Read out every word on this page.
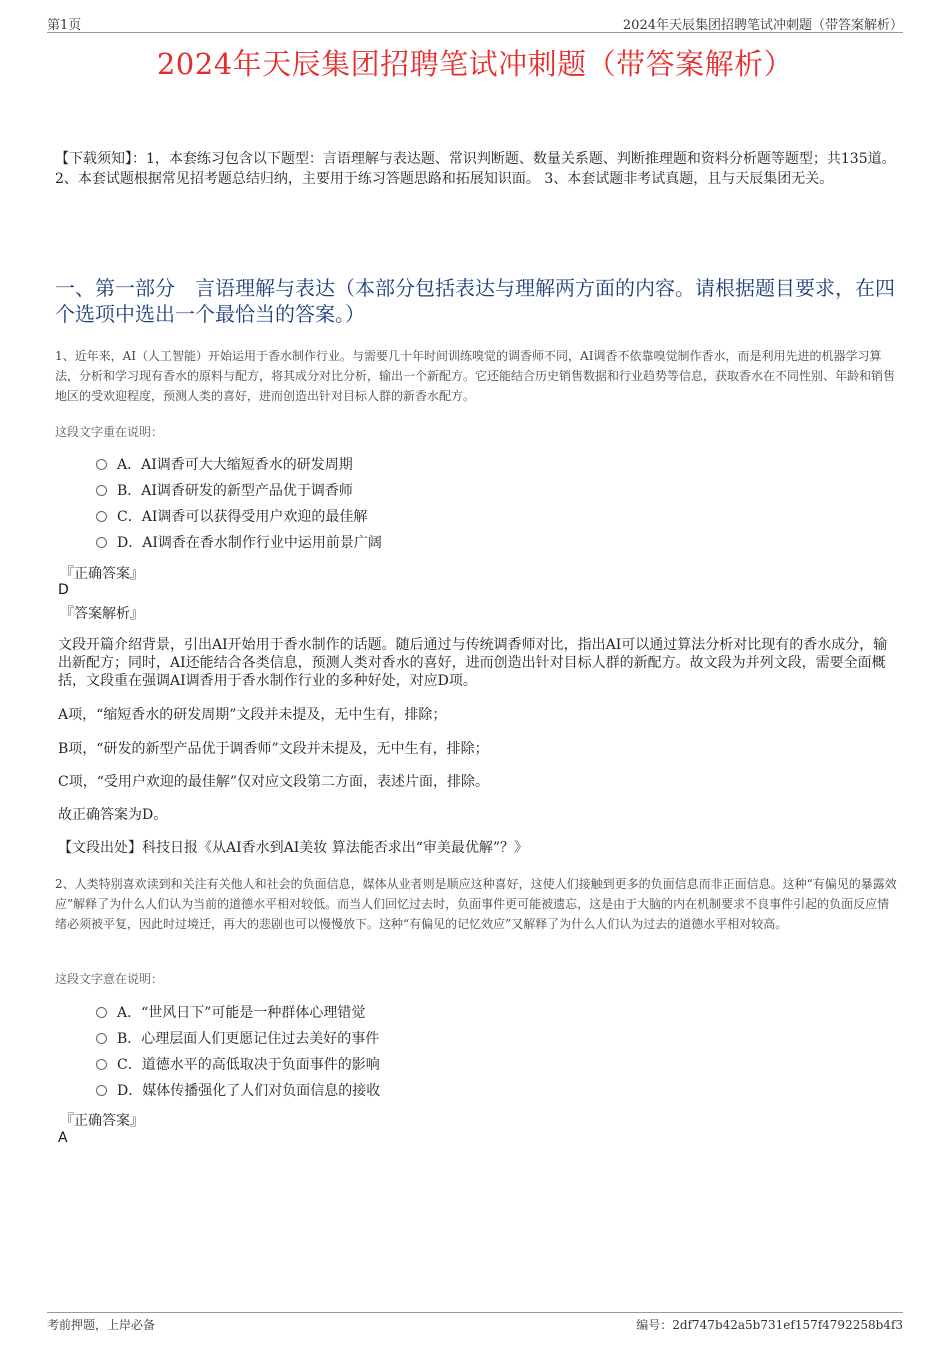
第1页	2024年天辰集团招聘笔试冲刺题（带答案解析）
2024年天辰集团招聘笔试冲刺题（带答案解析）
【下载须知】：1，本套练习包含以下题型：言语理解与表达题、常识判断题、数量关系题、判断推理题和资料分析题等题型；共135道。 2、本套试题根据常见招考题总结归纳，主要用于练习答题思路和拓展知识面。 3、本套试题非考试真题，且与天辰集团无关。
一、第一部分　言语理解与表达（本部分包括表达与理解两方面的内容。请根据题目要求，在四个选项中选出一个最恰当的答案。）
1、近年来，AI（人工智能）开始运用于香水制作行业。与需要几十年时间训练嗅觉的调香师不同，AI调香不依靠嗅觉制作香水，而是利用先进的机器学习算法，分析和学习现有香水的原料与配方，将其成分对比分析，输出一个新配方。它还能结合历史销售数据和行业趋势等信息，获取香水在不同性别、年龄和销售地区的受欢迎程度，预测人类的喜好，进而创造出针对目标人群的新香水配方。
这段文字重在说明：
A．AI调香可大大缩短香水的研发周期
B．AI调香研发的新型产品优于调香师
C．AI调香可以获得受用户欢迎的最佳解
D．AI调香在香水制作行业中运用前景广阔
『正确答案』
D
『答案解析』
文段开篇介绍背景，引出AI开始用于香水制作的话题。随后通过与传统调香师对比，指出AI可以通过算法分析对比现有的香水成分，输出新配方；同时，AI还能结合各类信息，预测人类对香水的喜好，进而创造出针对目标人群的新配方。故文段为并列文段，需要全面概括，文段重在强调AI调香用于香水制作行业的多种好处，对应D项。
A项，“缩短香水的研发周期”文段并未提及，无中生有，排除；
B项，“研发的新型产品优于调香师”文段并未提及，无中生有，排除；
C项，“受用户欢迎的最佳解”仅对应文段第二方面，表述片面，排除。
故正确答案为D。
【文段出处】科技日报《从AI香水到AI美妆 算法能否求出“审美最优解”？》
2、人类特别喜欢读到和关注有关他人和社会的负面信息，媒体从业者则是顺应这种喜好，这使人们接触到更多的负面信息而非正面信息。这种“有偏见的暴露效应”解释了为什么人们认为当前的道德水平相对较低。而当人们回忆过去时，负面事件更可能被遗忘，这是由于大脑的内在机制要求不良事件引起的负面反应情绪必须被平复，因此时过境迁，再大的悲剧也可以慢慢放下。这种“有偏见的记忆效应”又解释了为什么人们认为过去的道德水平相对较高。
这段文字意在说明：
A．“世风日下”可能是一种群体心理错觉
B．心理层面人们更愿记住过去美好的事件
C．道德水平的高低取决于负面事件的影响
D．媒体传播强化了人们对负面信息的接收
『正确答案』
A
考前押题，上岸必备	编号：2df747b42a5b731ef157f4792258b4f3
